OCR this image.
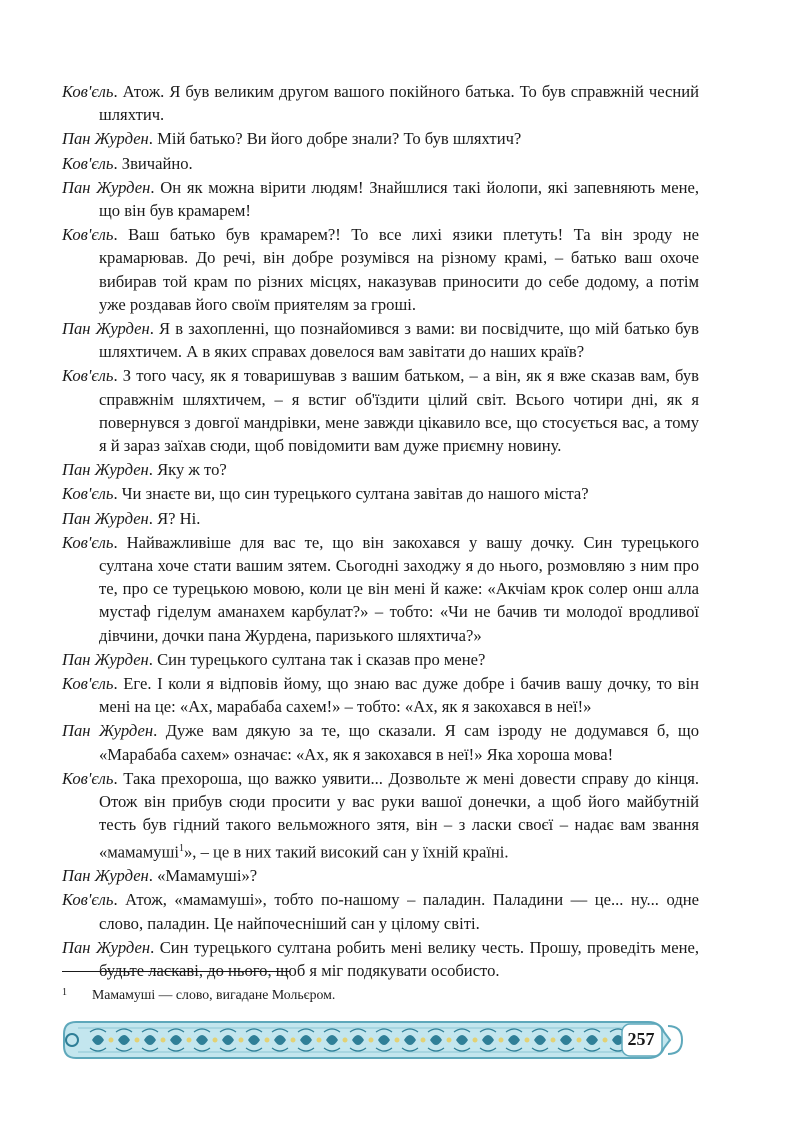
Ков'єль. Атож. Я був великим другом вашого покійного батька. То був справжній чесний шляхтич.

Пан Журден. Мій батько? Ви його добре знали? То був шляхтич?

Ков'єль. Звичайно.

Пан Журден. Он як можна вірити людям! Знайшлися такі йолопи, які запевняють мене, що він був крамарем!

Ков'єль. Ваш батько був крамарем?! То все лихі язики плетуть! Та він зроду не крамарював. До речі, він добре розумівся на різному крамі, – батько ваш охоче вибирав той крам по різних місцях, наказував приносити до себе додому, а потім уже роздавав його своїм приятелям за гроші.

Пан Журден. Я в захопленні, що познайомився з вами: ви посвідчите, що мій батько був шляхтичем. А в яких справах довелося вам завітати до наших країв?

Ков'єль. З того часу, як я товаришував з вашим батьком, – а він, як я вже сказав вам, був справжнім шляхтичем, – я встиг об'їздити цілий світ. Всього чотири дні, як я повернувся з довгої мандрівки, мене завжди цікавило все, що стосується вас, а тому я й зараз заїхав сюди, щоб повідомити вам дуже приємну новину.

Пан Журден. Яку ж то?

Ков'єль. Чи знаєте ви, що син турецького султана завітав до нашого міста?

Пан Журден. Я? Ні.

Ков'єль. Найважливіше для вас те, що він закохався у вашу дочку. Син турецького султана хоче стати вашим зятем. Сьогодні заходжу я до нього, розмовляю з ним про те, про се турецькою мовою, коли це він мені й каже: «Акчіам крок солер онш алла мустаф гіделум аманахем карбулат?» – тобто: «Чи не бачив ти молодої вродливої дівчини, дочки пана Журдена, паризького шляхтича?»

Пан Журден. Син турецького султана так і сказав про мене?

Ков'єль. Еге. І коли я відповів йому, що знаю вас дуже добре і бачив вашу дочку, то він мені на це: «Ах, марабаба сахем!» – тобто: «Ах, як я закохався в неї!»

Пан Журден. Дуже вам дякую за те, що сказали. Я сам ізроду не додумався б, що «Марабаба сахем» означає: «Ах, як я закохався в неї!» Яка хороша мова!

Ков'єль. Така прехороша, що важко уявити... Дозвольте ж мені довести справу до кінця. Отож він прибув сюди просити у вас руки вашої донечки, а щоб його майбутній тесть був гідний такого вельможного зятя, він – з ласки своєї – надає вам звання «мамамуші$^1$», – це в них такий високий сан у їхній країні.

Пан Журден. «Мамамуші»?

Ков'єль. Атож, «мамамуші», тобто по-нашому – паладин. Паладини — це... ну... одне слово, паладин. Це найпочесніший сан у цілому світі.

Пан Журден. Син турецького султана робить мені велику честь. Прошу, проведіть мене, будьте ласкаві, до нього, щоб я міг подякувати особисто.

1 Мамамуші — слово, вигадане Мольєром.
257
